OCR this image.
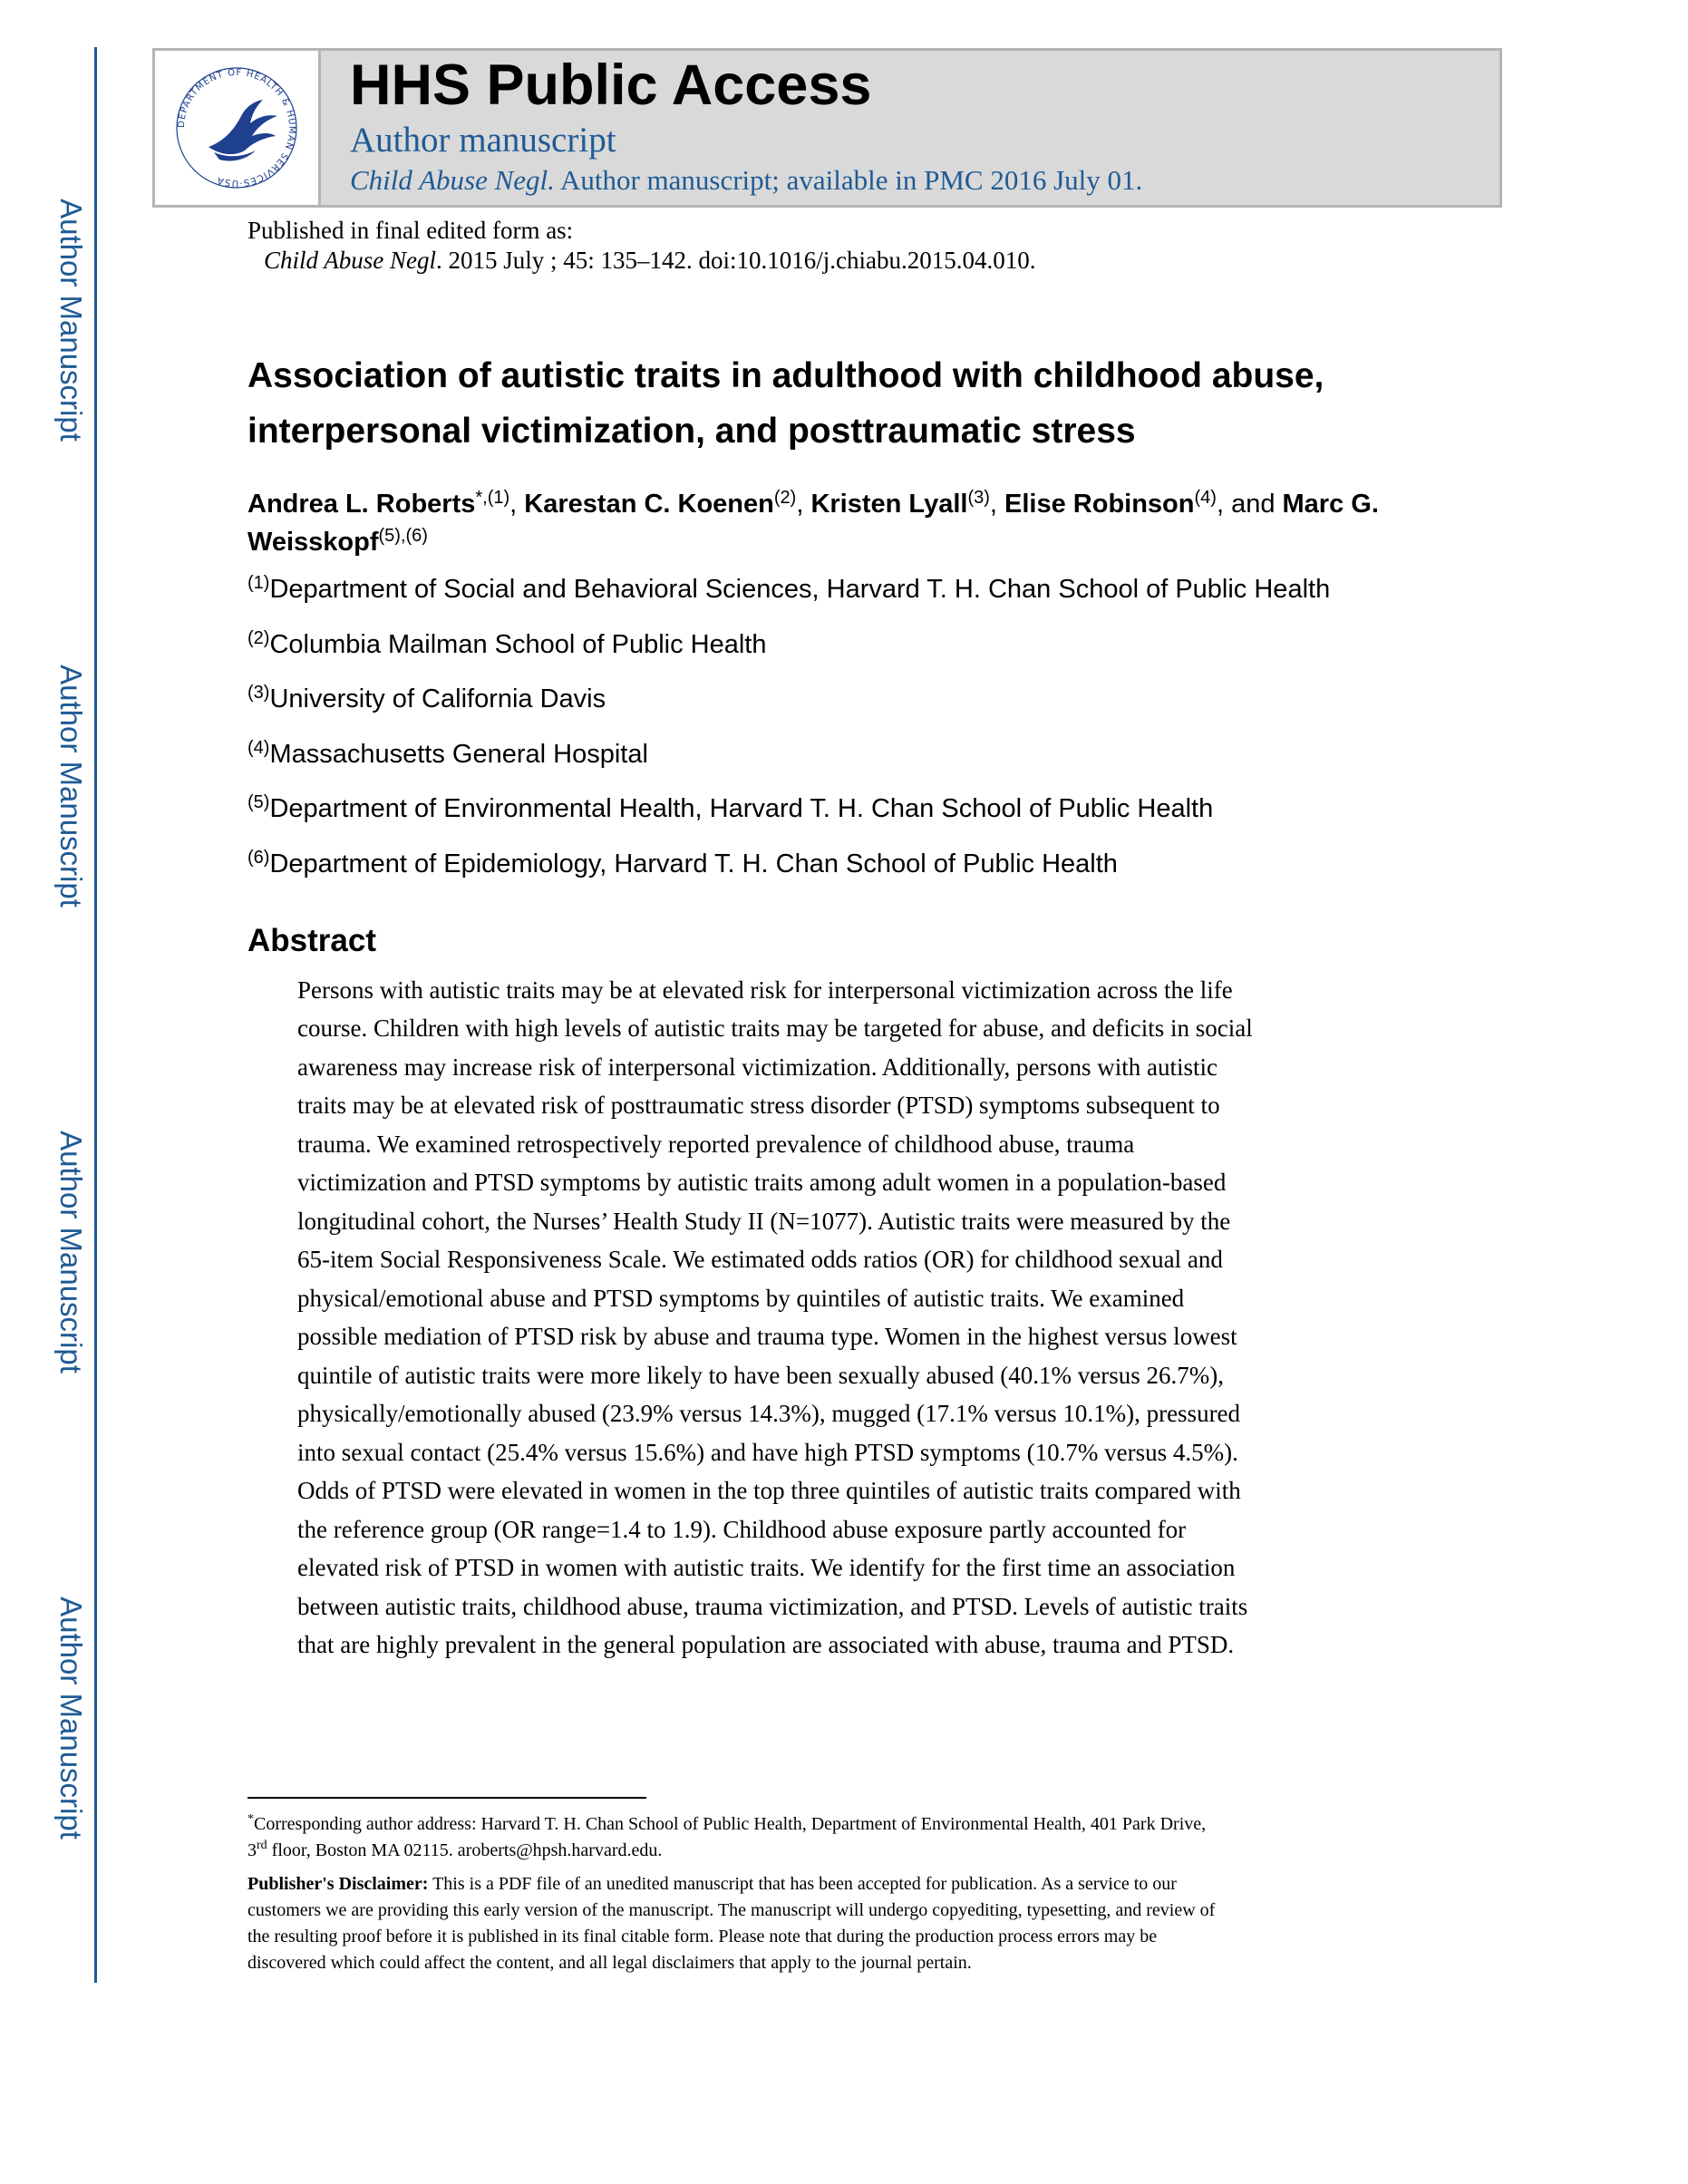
Author Manuscript
Author Manuscript
Author Manuscript
Author Manuscript
DEPARTMENT OF HEALTH & HUMAN SERVICES·USA
HHS Public Access
Author manuscript
Child Abuse Negl. Author manuscript; available in PMC 2016 July 01.
Published in final edited form as:
Child Abuse Negl. 2015 July ; 45: 135–142. doi:10.1016/j.chiabu.2015.04.010.
Association of autistic traits in adulthood with childhood abuse,
interpersonal victimization, and posttraumatic stress

Andrea L. Roberts$^{*,(1)}$, Karestan C. Koenen$^{(2)}$, Kristen Lyall$^{(3)}$, Elise Robinson$^{(4)}$, and Marc G. Weisskopf$^{(5),(6)}$

$^{(1)}$Department of Social and Behavioral Sciences, Harvard T. H. Chan School of Public Health

$^{(2)}$Columbia Mailman School of Public Health

$^{(3)}$University of California Davis

$^{(4)}$Massachusetts General Hospital

$^{(5)}$Department of Environmental Health, Harvard T. H. Chan School of Public Health

$^{(6)}$Department of Epidemiology, Harvard T. H. Chan School of Public Health

Abstract

Persons with autistic traits may be at elevated risk for interpersonal victimization across the life

course. Children with high levels of autistic traits may be targeted for abuse, and deficits in social

awareness may increase risk of interpersonal victimization. Additionally, persons with autistic

traits may be at elevated risk of posttraumatic stress disorder (PTSD) symptoms subsequent to

trauma. We examined retrospectively reported prevalence of childhood abuse, trauma

victimization and PTSD symptoms by autistic traits among adult women in a population-based

longitudinal cohort, the Nurses’ Health Study II (N=1077). Autistic traits were measured by the

65-item Social Responsiveness Scale. We estimated odds ratios (OR) for childhood sexual and

physical/emotional abuse and PTSD symptoms by quintiles of autistic traits. We examined

possible mediation of PTSD risk by abuse and trauma type. Women in the highest versus lowest

quintile of autistic traits were more likely to have been sexually abused (40.1% versus 26.7%),

physically/emotionally abused (23.9% versus 14.3%), mugged (17.1% versus 10.1%), pressured

into sexual contact (25.4% versus 15.6%) and have high PTSD symptoms (10.7% versus 4.5%).

Odds of PTSD were elevated in women in the top three quintiles of autistic traits compared with

the reference group (OR range=1.4 to 1.9). Childhood abuse exposure partly accounted for

elevated risk of PTSD in women with autistic traits. We identify for the first time an association

between autistic traits, childhood abuse, trauma victimization, and PTSD. Levels of autistic traits

that are highly prevalent in the general population are associated with abuse, trauma and PTSD.

*Corresponding author address: Harvard T. H. Chan School of Public Health, Department of Environmental Health, 401 Park Drive,

3rd floor, Boston MA 02115. aroberts@hpsh.harvard.edu.

Publisher's Disclaimer: This is a PDF file of an unedited manuscript that has been accepted for publication. As a service to our

customers we are providing this early version of the manuscript. The manuscript will undergo copyediting, typesetting, and review of

the resulting proof before it is published in its final citable form. Please note that during the production process errors may be

discovered which could affect the content, and all legal disclaimers that apply to the journal pertain.
